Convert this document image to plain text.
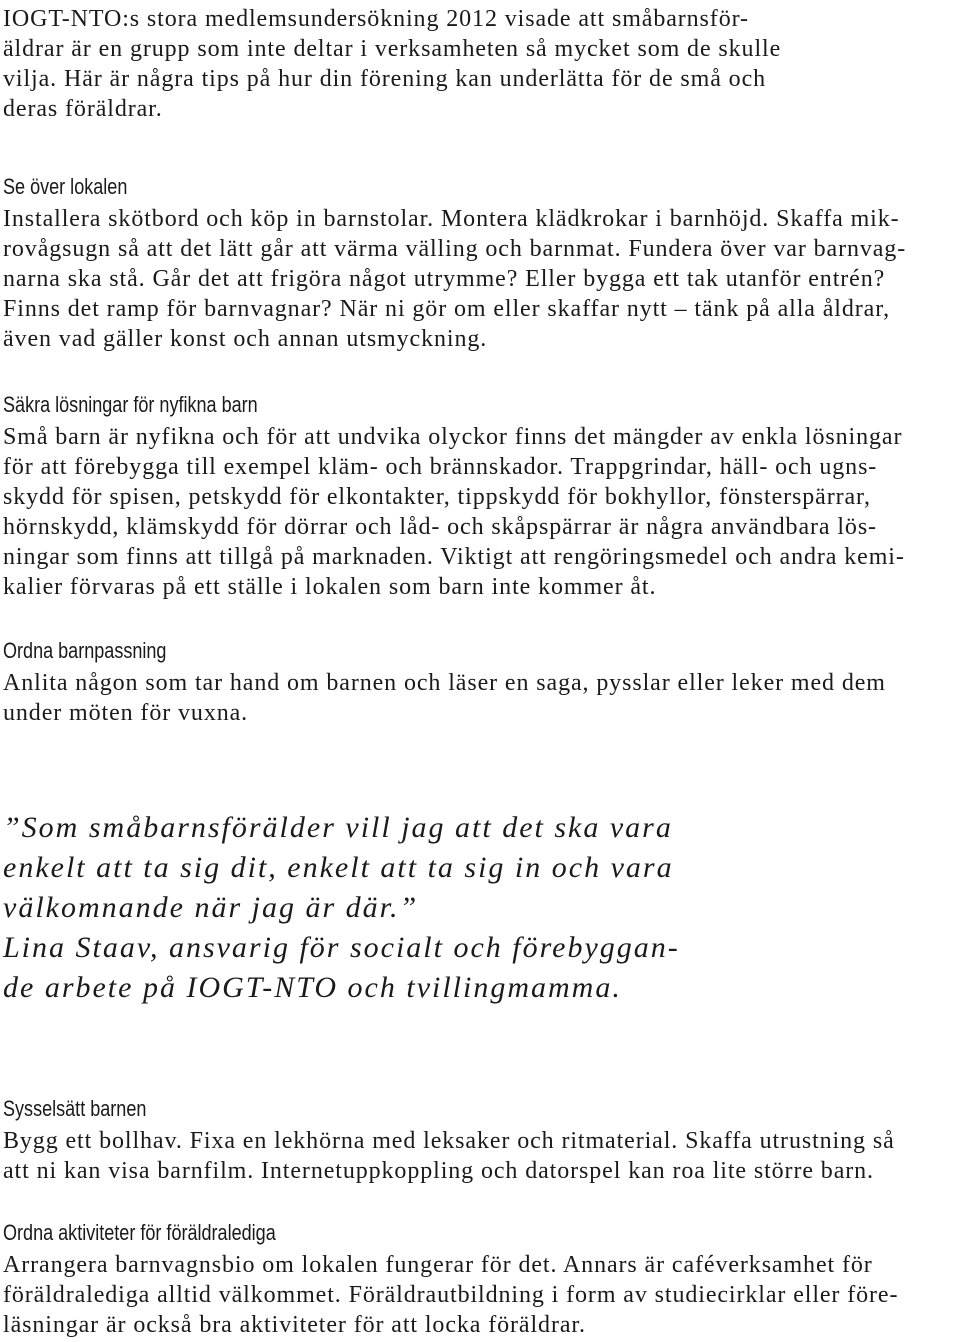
IOGT-NTO:s stora medlemsundersökning 2012 visade att småbarnsför-
äldrar är en grupp som inte deltar i verksamheten så mycket som de skulle
vilja. Här är några tips på hur din förening kan underlätta för de små och
deras föräldrar.
Se över lokalen
Installera skötbord och köp in barnstolar. Montera klädkrokar i barnhöjd. Skaffa mik-
rovågsugn så att det lätt går att värma välling och barnmat. Fundera över var barnvag-
narna ska stå. Går det att frigöra något utrymme? Eller bygga ett tak utanför entrén?
Finns det ramp för barnvagnar? När ni gör om eller skaffar nytt – tänk på alla åldrar,
även vad gäller konst och annan utsmyckning.
Säkra lösningar för nyfikna barn
Små barn är nyfikna och för att undvika olyckor finns det mängder av enkla lösningar
för att förebygga till exempel kläm- och brännskador. Trappgrindar, häll- och ugns-
skydd för spisen, petskydd för elkontakter, tippskydd för bokhyllor, fönsterspärrar,
hörnskydd, klämskydd för dörrar och låd- och skåpspärrar är några användbara lös-
ningar som finns att tillgå på marknaden. Viktigt att rengöringsmedel och andra kemi-
kalier förvaras på ett ställe i lokalen som barn inte kommer åt.
Ordna barnpassning
Anlita någon som tar hand om barnen och läser en saga, pysslar eller leker med dem
under möten för vuxna.
”Som småbarnsförälder vill jag att det ska vara
enkelt att ta sig dit, enkelt att ta sig in och vara
välkomnande när jag är där.”
Lina Staav, ansvarig för socialt och förebyggan-
de arbete på IOGT-NTO och tvillingmamma.
Sysselsätt barnen
Bygg ett bollhav. Fixa en lekhörna med leksaker och ritmaterial. Skaffa utrustning så
att ni kan visa barnfilm. Internetuppkoppling och datorspel kan roa lite större barn.
Ordna aktiviteter för föräldralediga
Arrangera barnvagnsbio om lokalen fungerar för det. Annars är caféverksamhet för
föräldralediga alltid välkommet. Föräldrautbildning i form av studiecirklar eller före-
läsningar är också bra aktiviteter för att locka föräldrar.
